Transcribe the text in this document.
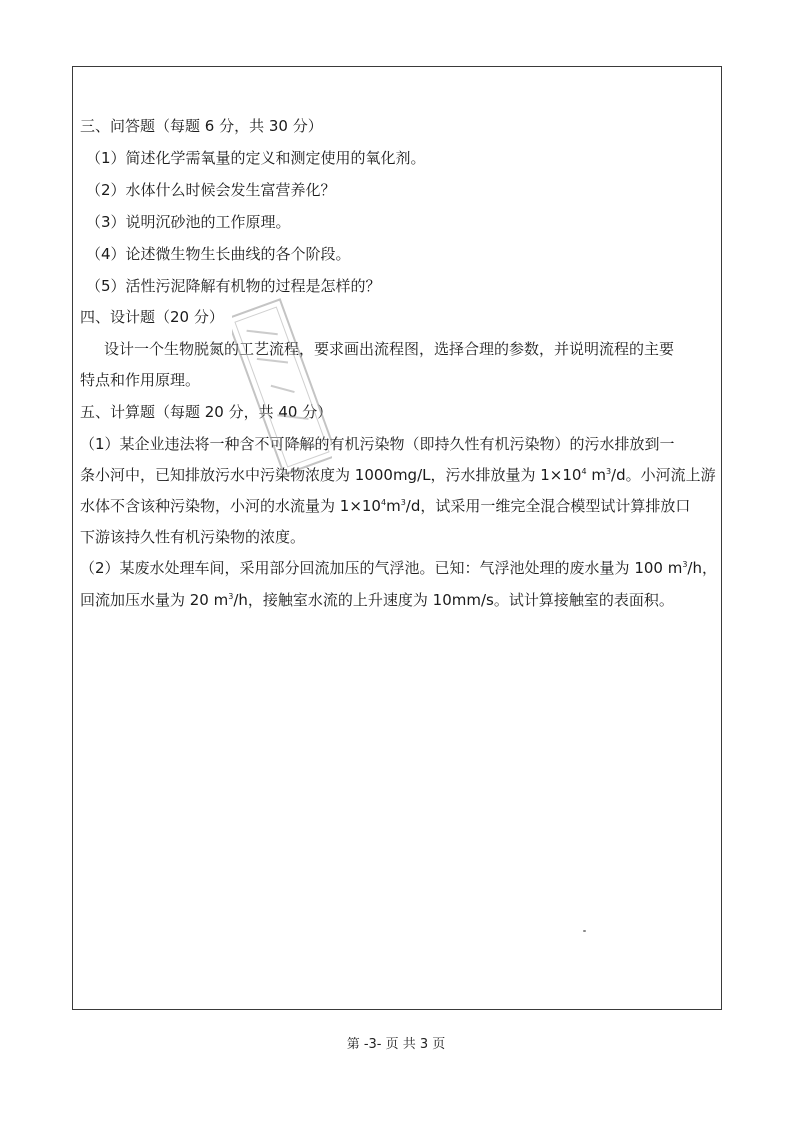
三、问答题（每题 6 分，共 30 分）
（1）简述化学需氧量的定义和测定使用的氧化剂。
（2）水体什么时候会发生富营养化？
（3）说明沉砂池的工作原理。
（4）论述微生物生长曲线的各个阶段。
（5）活性污泥降解有机物的过程是怎样的？
四、设计题（20 分）
设计一个生物脱氮的工艺流程，要求画出流程图，选择合理的参数，并说明流程的主要
特点和作用原理。
五、计算题（每题 20 分，共 40 分）
（1）某企业违法将一种含不可降解的有机污染物（即持久性有机污染物）的污水排放到一
条小河中，已知排放污水中污染物浓度为 1000mg/L，污水排放量为 $1\times 10^4$ $m^3/d$。小河流上游
水体不含该种污染物，小河的水流量为 $1\times 10^4m^3/d$，试采用一维完全混合模型试计算排放口
下游该持久性有机污染物的浓度。
（2）某废水处理车间，采用部分回流加压的气浮池。已知：气浮池处理的废水量为 100 $m^3/h$，
回流加压水量为 20 $m^3/h$，接触室水流的上升速度为 10mm/s。试计算接触室的表面积。
第 -3- 页 共 3 页
